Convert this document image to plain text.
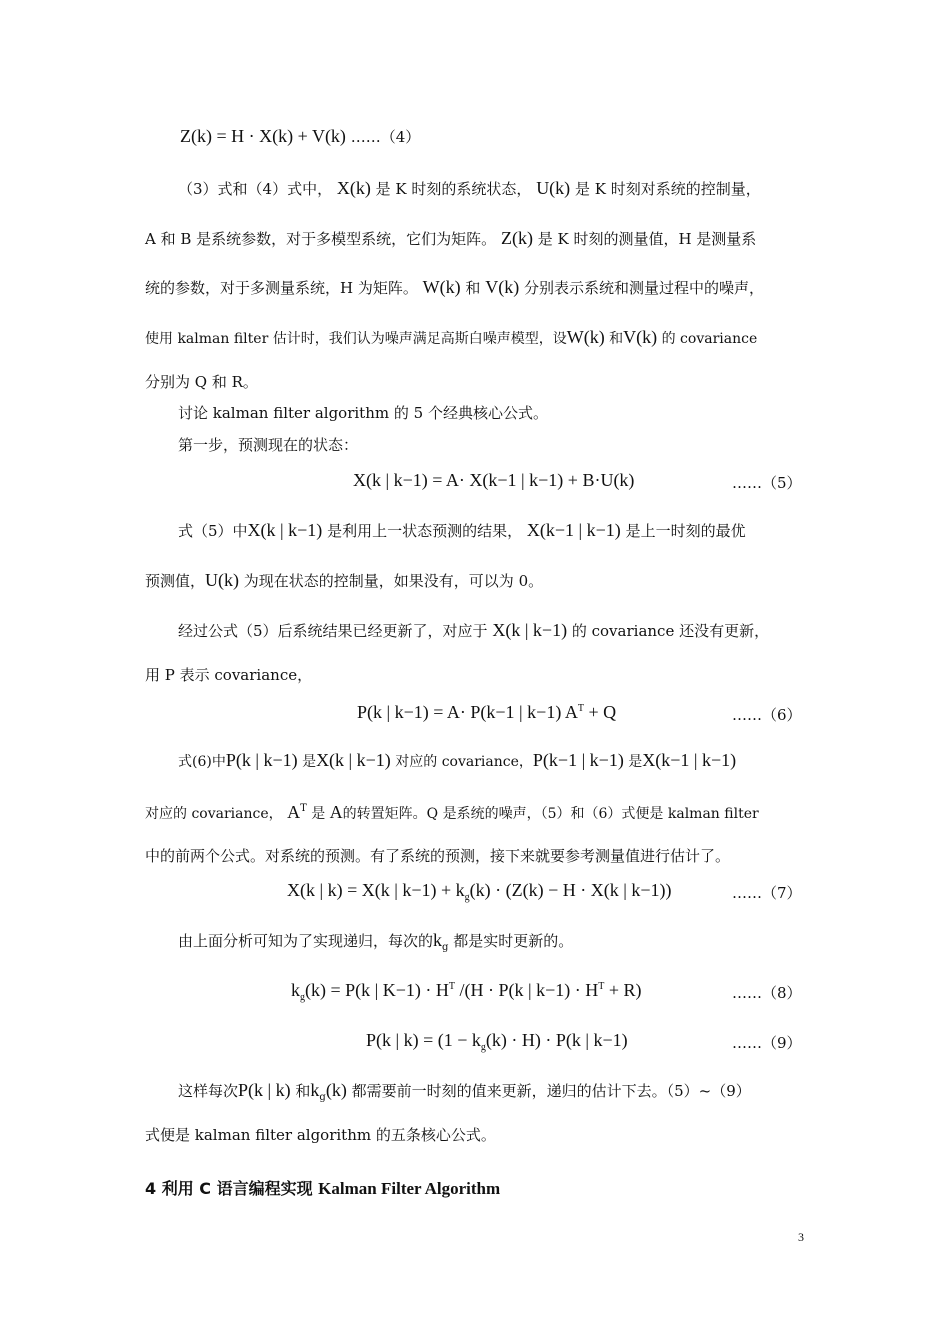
Z(k) = H · X(k) + V(k) ……（4）
（3）式和（4）式中， X(k) 是 K 时刻的系统状态， U(k) 是 K 时刻对系统的控制量，
A 和 B 是系统参数，对于多模型系统，它们为矩阵。 Z(k) 是 K 时刻的测量值，H 是测量系
统的参数，对于多测量系统，H 为矩阵。 W(k) 和 V(k) 分别表示系统和测量过程中的噪声，
使用 kalman filter 估计时，我们认为噪声满足高斯白噪声模型，设W(k) 和V(k) 的 covariance
分别为 Q 和 R。
讨论 kalman filter algorithm 的 5 个经典核心公式。
第一步，预测现在的状态：
X(k | k−1) = A· X(k−1 | k−1) + B·U(k)	……（5）
式（5）中X(k | k−1) 是利用上一状态预测的结果， X(k−1 | k−1) 是上一时刻的最优
预测值，U(k) 为现在状态的控制量，如果没有，可以为 0。
经过公式（5）后系统结果已经更新了，对应于 X(k | k−1) 的 covariance 还没有更新，
用 P 表示 covariance，
P(k | k−1) = A· P(k−1 | k−1) $A^T + Q$	……（6）
式(6)中P(k | k−1) 是X(k | k−1) 对应的 covariance，P(k−1 | k−1) 是X(k−1 | k−1)
对应的 covariance， $A^T$ 是 A的转置矩阵。Q 是系统的噪声，（5）和（6）式便是 kalman filter
中的前两个公式。对系统的预测。有了系统的预测，接下来就要参考测量值进行估计了。
X(k | k) = X(k | $k-1) + k_g(k) \cdot (Z(k) - H \cdot X(k$ | k−1))	……（7）
由上面分析可知为了实现递归，每次的$k_g$ 都是实时更新的。
$k_g(k) = P(k$ | $K-1) \cdot H^T$ /(H · P(k | $k-1) \cdot H^T + R$)	……（8）
P(k | $k) = (1 - k_g(k) \cdot H) \cdot P(k$ | k−1)	……（9）
这样每次P(k | k) 和$k_g(k)$ 都需要前一时刻的值来更新，递归的估计下去。（5）~（9）
式便是 kalman filter algorithm 的五条核心公式。
4 利用 C 语言编程实现 Kalman Filter Algorithm
3
